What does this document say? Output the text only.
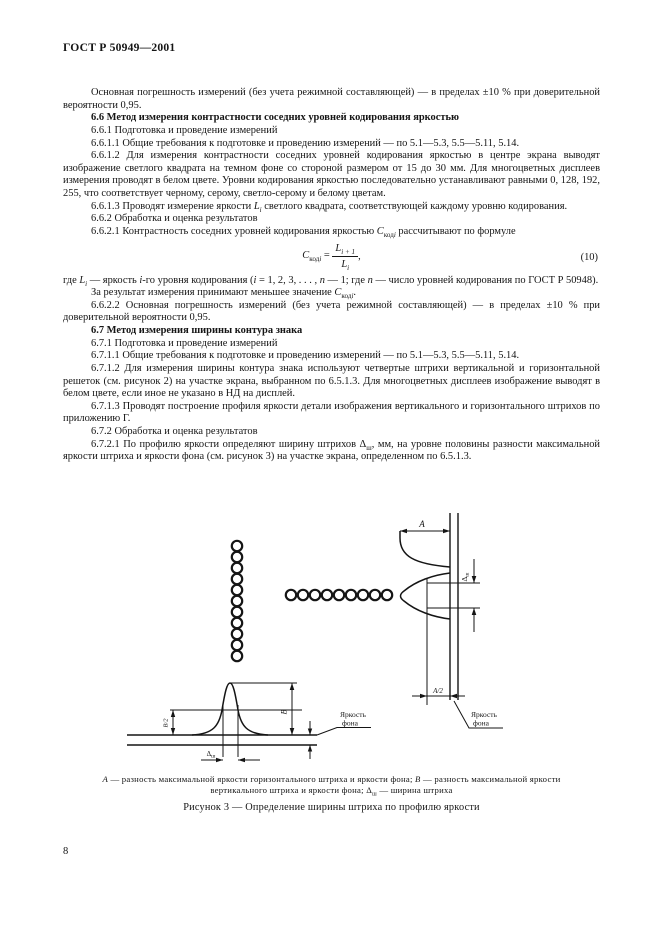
ГОСТ Р 50949—2001

Основная погрешность измерений (без учета режимной составляющей) — в пределах ±10 % при доверительной вероятности 0,95.

6.6 Метод измерения контрастности соседних уровней кодирования яркостью

6.6.1 Подготовка и проведение измерений

6.6.1.1 Общие требования к подготовке и проведению измерений — по 5.1—5.3, 5.5—5.11, 5.14.

6.6.1.2 Для измерения контрастности соседних уровней кодирования яркостью в центре экрана выводят изображение светлого квадрата на темном фоне со стороной размером от 15 до 30 мм. Для многоцветных дисплеев измерения проводят в белом цвете. Уровни кодирования яркостью последовательно устанавливают равными 0, 128, 192, 255, что соответствует черному, серому, светло-серому и белому цветам.

6.6.1.3 Проводят измерение яркости $L_i$ светлого квадрата, соответствующей каждому уровню кодирования.

6.6.2 Обработка и оценка результатов

6.6.2.1 Контрастность соседних уровней кодирования яркостью $C_{кодi}$ рассчитывают по формуле

$C_{кодi} = \frac{L_{i + 1}}{L_i}$ ,	(10)

где $L_i$ — яркость i-го уровня кодирования (i = 1, 2, 3, . . . , n — 1; где n — число уровней кодирования по ГОСТ Р 50948).

За результат измерения принимают меньшее значение $C_{кодi}$.

6.6.2.2 Основная погрешность измерений (без учета режимной составляющей) — в пределах ±10 % при доверительной вероятности 0,95.

6.7 Метод измерения ширины контура знака

6.7.1 Подготовка и проведение измерений

6.7.1.1 Общие требования к подготовке и проведению измерений — по 5.1—5.3, 5.5—5.11, 5.14.

6.7.1.2 Для измерения ширины контура знака используют четвертые штрихи вертикальной и горизонтальной решеток (см. рисунок 2) на участке экрана, выбранном по 6.5.1.3. Для многоцветных дисплеев изображение выводят в белом цвете, если иное не указано в НД на дисплей.

6.7.1.3 Проводят построение профиля яркости детали изображения вертикального и горизонтального штрихов по приложению Г.

6.7.2 Обработка и оценка результатов

6.7.2.1 По профилю яркости определяют ширину штрихов $\Delta_ш$, мм, на уровне половины разности максимальной яркости штриха и яркости фона (см. рисунок 3) на участке экрана, определенном по 6.5.1.3.

А
А/2
$\Delta_ш$
Яркость
фона
В
В/2
$\Delta_ш$
Яркость
фона
А — разность максимальной яркости горизонтального штриха и яркости фона; В — разность максимальной яркости вертикального штриха и яркости фона; $\Delta_ш$ — ширина штриха
Рисунок 3 — Определение ширины штриха по профилю яркости
8
